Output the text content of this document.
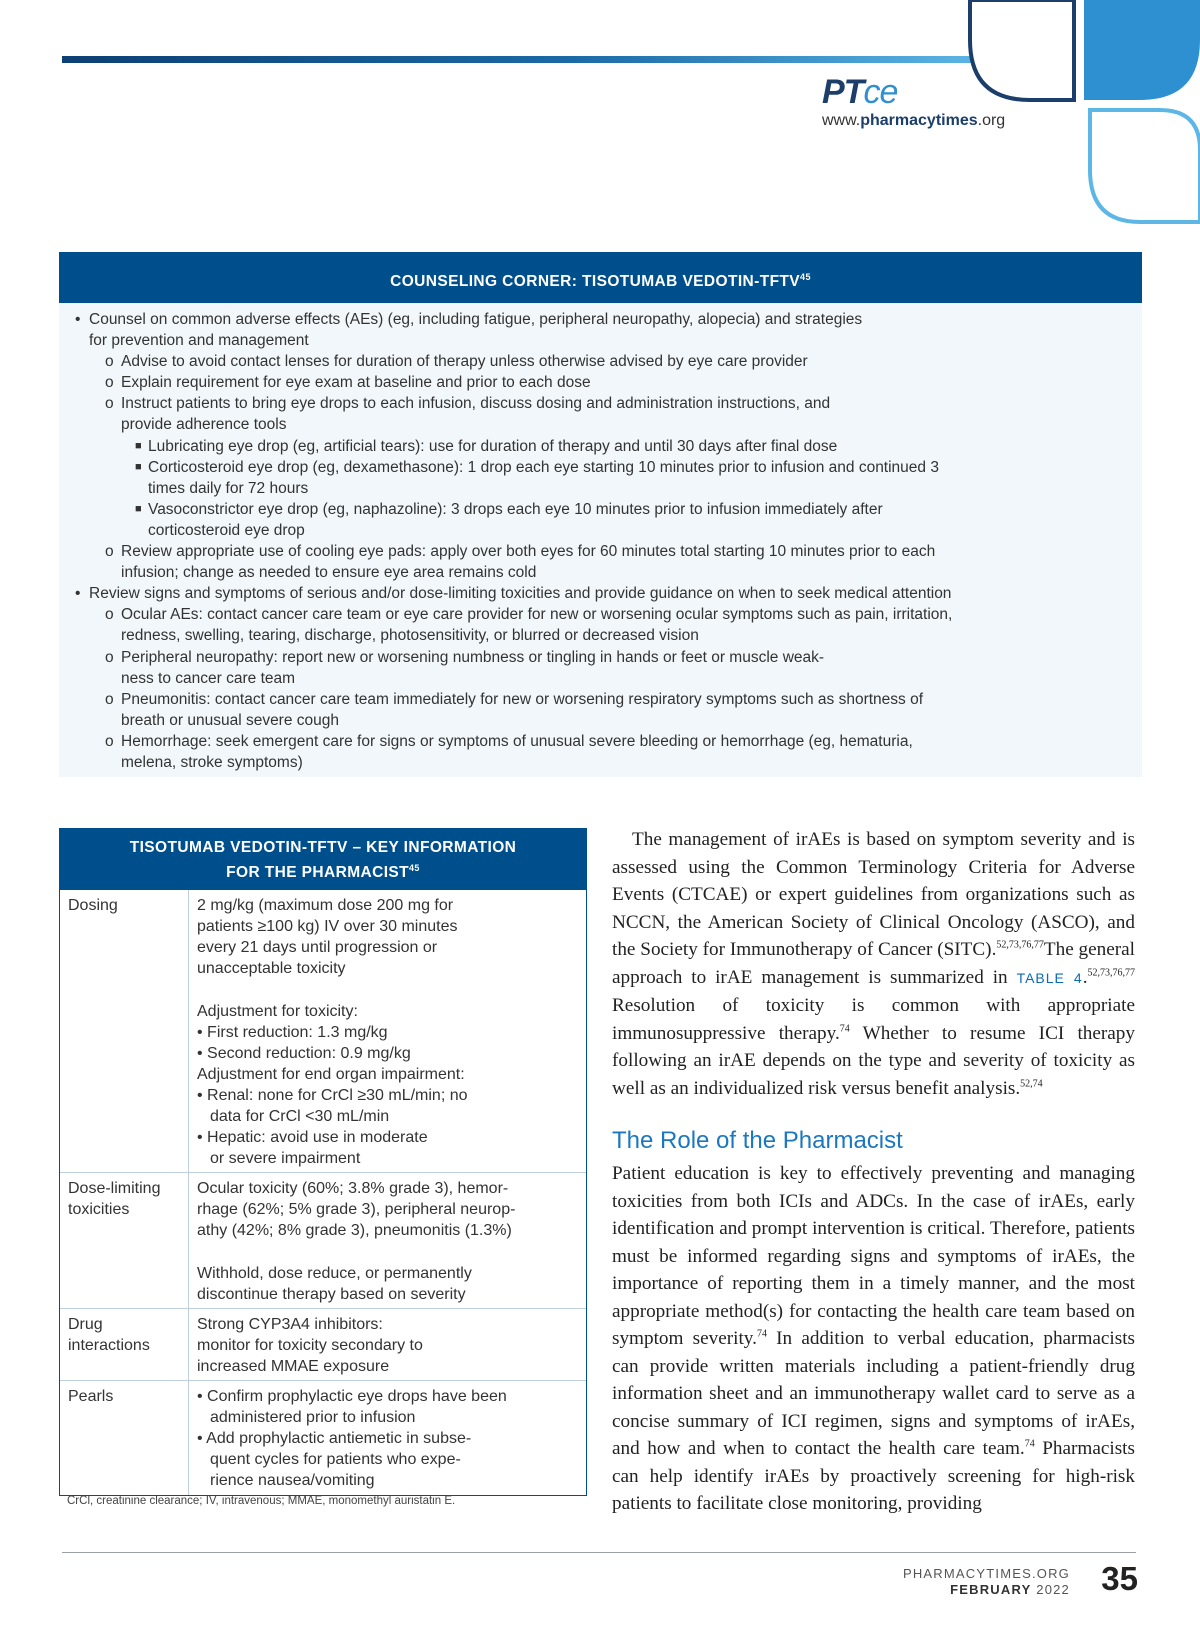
PTce
www.pharmacytimes.org
COUNSELING CORNER: TISOTUMAB VEDOTIN-TFTV$^{45}$
• Counsel on common adverse effects (AEs) (eg, including fatigue, peripheral neuropathy, alopecia) and strategies
for prevention and management
o Advise to avoid contact lenses for duration of therapy unless otherwise advised by eye care provider
o Explain requirement for eye exam at baseline and prior to each dose
o Instruct patients to bring eye drops to each infusion, discuss dosing and administration instructions, and
provide adherence tools
■ Lubricating eye drop (eg, artificial tears): use for duration of therapy and until 30 days after final dose
■ Corticosteroid eye drop (eg, dexamethasone): 1 drop each eye starting 10 minutes prior to infusion and continued 3
times daily for 72 hours
■ Vasoconstrictor eye drop (eg, naphazoline): 3 drops each eye 10 minutes prior to infusion immediately after
corticosteroid eye drop
o Review appropriate use of cooling eye pads: apply over both eyes for 60 minutes total starting 10 minutes prior to each
infusion; change as needed to ensure eye area remains cold
• Review signs and symptoms of serious and/or dose-limiting toxicities and provide guidance on when to seek medical attention
o Ocular AEs: contact cancer care team or eye care provider for new or worsening ocular symptoms such as pain, irritation,
redness, swelling, tearing, discharge, photosensitivity, or blurred or decreased vision
o Peripheral neuropathy: report new or worsening numbness or tingling in hands or feet or muscle weak-
ness to cancer care team
o Pneumonitis: contact cancer care team immediately for new or worsening respiratory symptoms such as shortness of
breath or unusual severe cough
o Hemorrhage: seek emergent care for signs or symptoms of unusual severe bleeding or hemorrhage (eg, hematuria,
melena, stroke symptoms)
TISOTUMAB VEDOTIN-TFTV – KEY INFORMATION
FOR THE PHARMACIST$^{45}$
Dosing	2 mg/kg (maximum dose 200 mg for
patients ≥100 kg) IV over 30 minutes
every 21 days until progression or
unacceptable toxicity
Adjustment for toxicity:
• First reduction: 1.3 mg/kg
• Second reduction: 0.9 mg/kg
Adjustment for end organ impairment:
• Renal: none for CrCl ≥30 mL/min; no
data for CrCl <30 mL/min
• Hepatic: avoid use in moderate
or severe impairment
Dose-limiting toxicities
Ocular toxicity (60%; 3.8% grade 3), hemor-
rhage (62%; 5% grade 3), peripheral neurop-
athy (42%; 8% grade 3), pneumonitis (1.3%)
Withhold, dose reduce, or permanently
discontinue therapy based on severity
Drug interactions
Strong CYP3A4 inhibitors:
monitor for toxicity secondary to
increased MMAE exposure
Pearls	• Confirm prophylactic eye drops have been
administered prior to infusion
• Add prophylactic antiemetic in subse-
quent cycles for patients who expe-
rience nausea/vomiting
CrCl, creatinine clearance; IV, intravenous; MMAE, monomethyl auristatin E.

The management of irAEs is based on symptom severity and is assessed using the Common Terminology Criteria for Adverse Events (CTCAE) or expert guidelines from organizations such as NCCN, the American Society of Clinical Oncology (ASCO), and the Society for Immunotherapy of Cancer (SITC).$^{52,73,76,77}$The general approach to irAE management is summarized in TABLE 4.$^{52,73,76,77}$ Resolution of toxicity is common with appropriate immunosuppressive therapy.$^{74}$ Whether to resume ICI therapy following an irAE depends on the type and severity of toxicity as well as an individualized risk versus benefit analysis.$^{52,74}$

The Role of the Pharmacist

Patient education is key to effectively preventing and managing toxicities from both ICIs and ADCs. In the case of irAEs, early identification and prompt intervention is critical. Therefore, patients must be informed regarding signs and symptoms of irAEs, the importance of reporting them in a timely manner, and the most appropriate method(s) for contacting the health care team based on symptom severity.$^{74}$ In addition to verbal education, pharmacists can provide written materials including a patient-friendly drug information sheet and an immunotherapy wallet card to serve as a concise summary of ICI regimen, signs and symptoms of irAEs, and how and when to contact the health care team.$^{74}$ Pharmacists can help identify irAEs by proactively screening for high-risk patients to facilitate close monitoring, providing

PHARMACYTIMES.ORG
FEBRUARY 2022 35
